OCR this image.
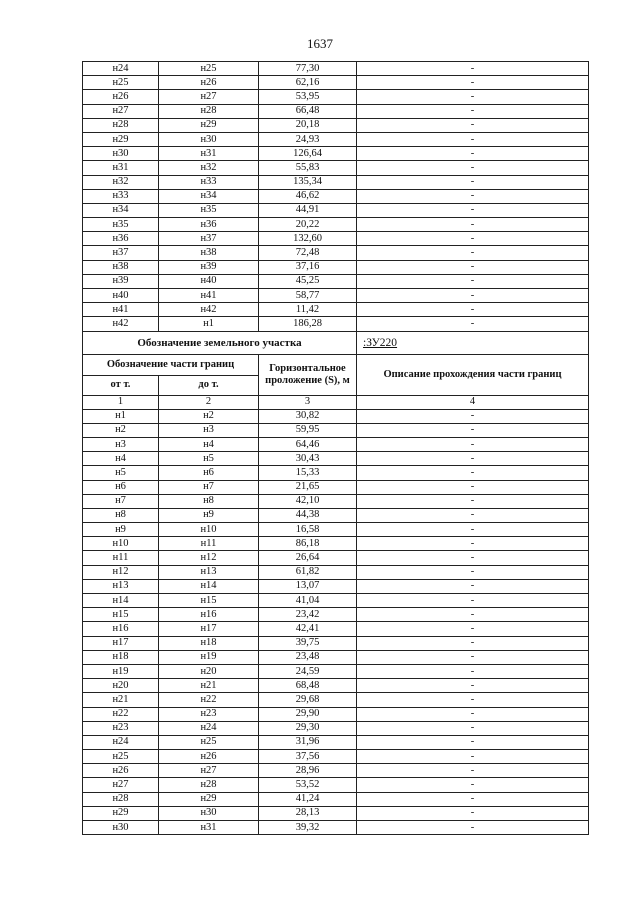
1637
н24	н25	77,30	-
н25	н26	62,16	-
н26	н27	53,95	-
н27	н28	66,48	-
н28	н29	20,18	-
н29	н30	24,93	-
н30	н31	126,64	-
н31	н32	55,83	-
н32	н33	135,34	-
н33	н34	46,62	-
н34	н35	44,91	-
н35	н36	20,22	-
н36	н37	132,60	-
н37	н38	72,48	-
н38	н39	37,16	-
н39	н40	45,25	-
н40	н41	58,77	-
н41	н42	11,42	-
н42	н1	186,28	-
Обозначение земельного участка			:ЗУ220
Обозначение части границ		Горизонтальное проложение (S), м	Описание прохождения части границ
от т.	до т.		
1	2	3	4
н1	н2	30,82	-
н2	н3	59,95	-
н3	н4	64,46	-
н4	н5	30,43	-
н5	н6	15,33	-
н6	н7	21,65	-
н7	н8	42,10	-
н8	н9	44,38	-
н9	н10	16,58	-
н10	н11	86,18	-
н11	н12	26,64	-
н12	н13	61,82	-
н13	н14	13,07	-
н14	н15	41,04	-
н15	н16	23,42	-
н16	н17	42,41	-
н17	н18	39,75	-
н18	н19	23,48	-
н19	н20	24,59	-
н20	н21	68,48	-
н21	н22	29,68	-
н22	н23	29,90	-
н23	н24	29,30	-
н24	н25	31,96	-
н25	н26	37,56	-
н26	н27	28,96	-
н27	н28	53,52	-
н28	н29	41,24	-
н29	н30	28,13	-
н30	н31	39,32	-
